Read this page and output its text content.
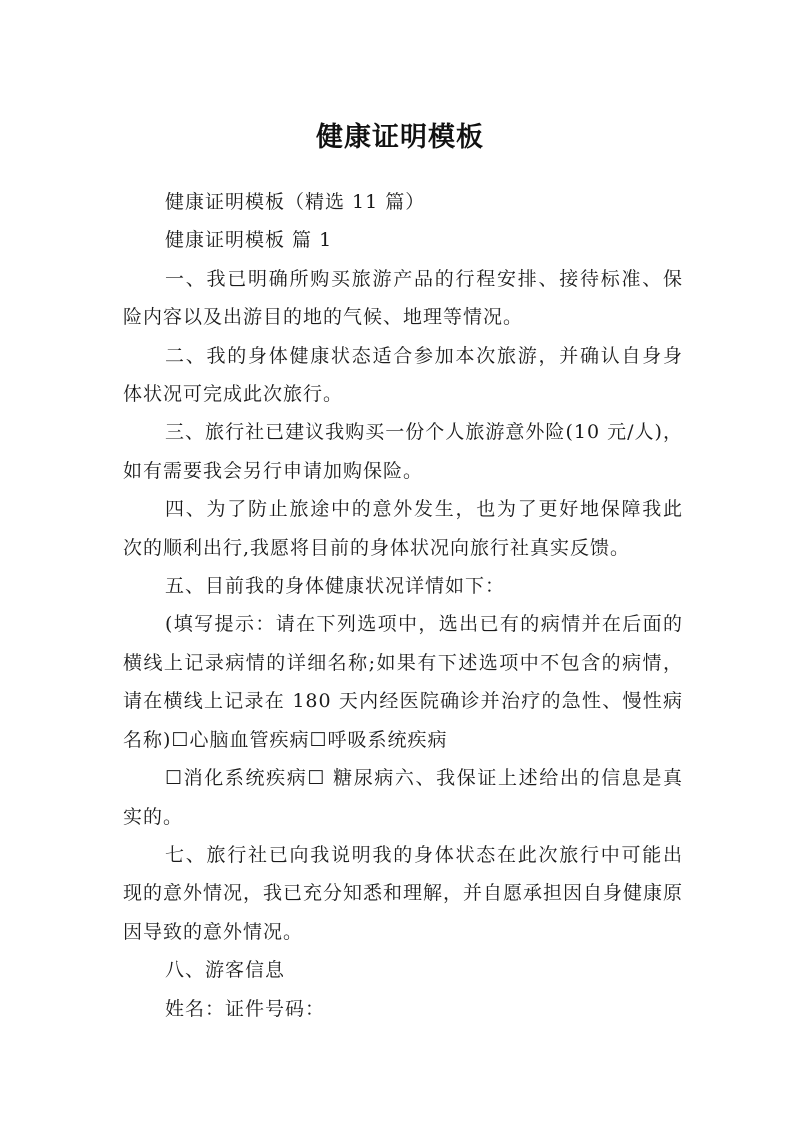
健康证明模板

健康证明模板（精选 11 篇）

健康证明模板 篇 1

一、我已明确所购买旅游产品的行程安排、接待标准、保险内容以及出游目的地的气候、地理等情况。

二、我的身体健康状态适合参加本次旅游，并确认自身身体状况可完成此次旅行。

三、旅行社已建议我购买一份个人旅游意外险(10 元/人)，如有需要我会另行申请加购保险。

四、为了防止旅途中的意外发生，也为了更好地保障我此次的顺利出行,我愿将目前的身体状况向旅行社真实反馈。

五、目前我的身体健康状况详情如下：

(填写提示：请在下列选项中，选出已有的病情并在后面的横线上记录病情的详细名称;如果有下述选项中不包含的病情，请在横线上记录在 180 天内经医院确诊并治疗的急性、慢性病名称)☐心脑血管疾病☐呼吸系统疾病

☐消化系统疾病☐ 糖尿病六、我保证上述给出的信息是真实的。

七、旅行社已向我说明我的身体状态在此次旅行中可能出现的意外情况，我已充分知悉和理解，并自愿承担因自身健康原因导致的意外情况。

八、游客信息

姓名：证件号码：
